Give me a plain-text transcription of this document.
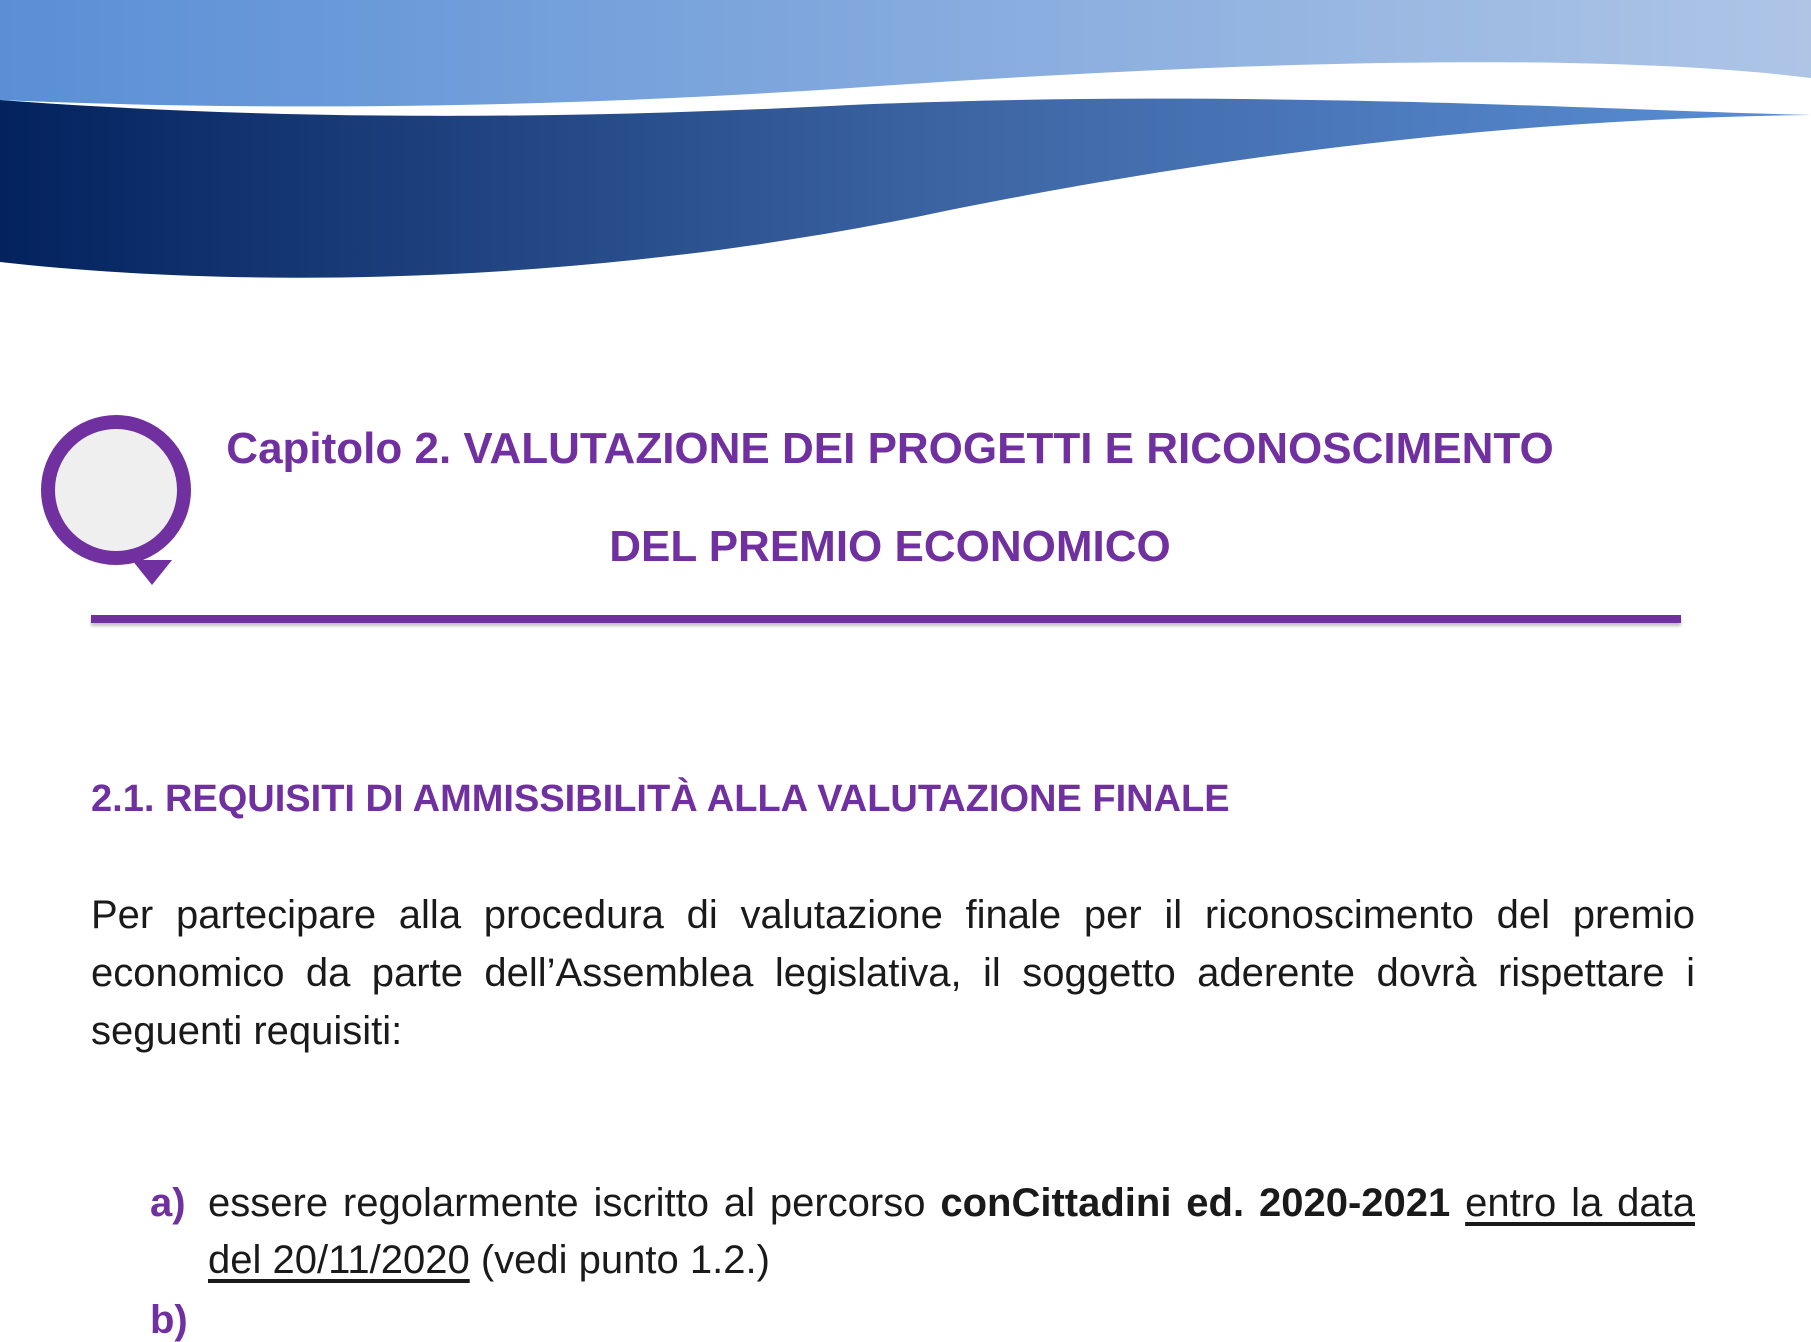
Capitolo 2. VALUTAZIONE DEI PROGETTI E RICONOSCIMENTO
DEL PREMIO ECONOMICO
2.1. REQUISITI DI AMMISSIBILITÀ ALLA VALUTAZIONE FINALE

Per partecipare alla procedura di valutazione finale per il riconoscimento del premio economico da parte dell’Assemblea legislativa, il soggetto aderente dovrà rispettare i seguenti requisiti:

a) essere regolarmente iscritto al percorso conCittadini ed. 2020-2021 entro la data del 20/11/2020 (vedi punto 1.2.)
b)
